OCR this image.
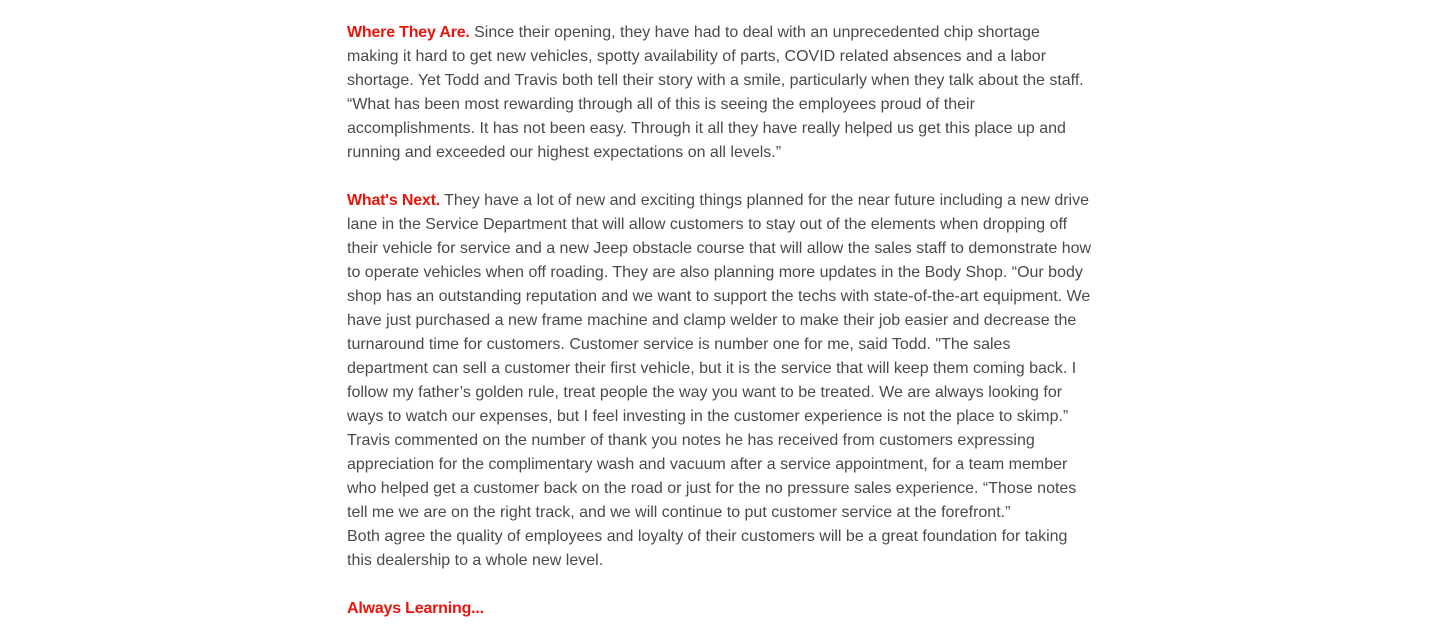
Where They Are. Since their opening, they have had to deal with an unprecedented chip shortage making it hard to get new vehicles, spotty availability of parts, COVID related absences and a labor shortage. Yet Todd and Travis both tell their story with a smile, particularly when they talk about the staff. “What has been most rewarding through all of this is seeing the employees proud of their accomplishments. It has not been easy. Through it all they have really helped us get this place up and running and exceeded our highest expectations on all levels.”

What's Next. They have a lot of new and exciting things planned for the near future including a new drive lane in the Service Department that will allow customers to stay out of the elements when dropping off their vehicle for service and a new Jeep obstacle course that will allow the sales staff to demonstrate how to operate vehicles when off roading. They are also planning more updates in the Body Shop. “Our body shop has an outstanding reputation and we want to support the techs with state-of-the-art equipment. We have just purchased a new frame machine and clamp welder to make their job easier and decrease the turnaround time for customers. Customer service is number one for me, said Todd. "The sales department can sell a customer their first vehicle, but it is the service that will keep them coming back. I follow my father’s golden rule, treat people the way you want to be treated. We are always looking for ways to watch our expenses, but I feel investing in the customer experience is not the place to skimp.” Travis commented on the number of thank you notes he has received from customers expressing appreciation for the complimentary wash and vacuum after a service appointment, for a team member who helped get a customer back on the road or just for the no pressure sales experience. “Those notes tell me we are on the right track, and we will continue to put customer service at the forefront.”

Both agree the quality of employees and loyalty of their customers will be a great foundation for taking this dealership to a whole new level.

Always Learning...
